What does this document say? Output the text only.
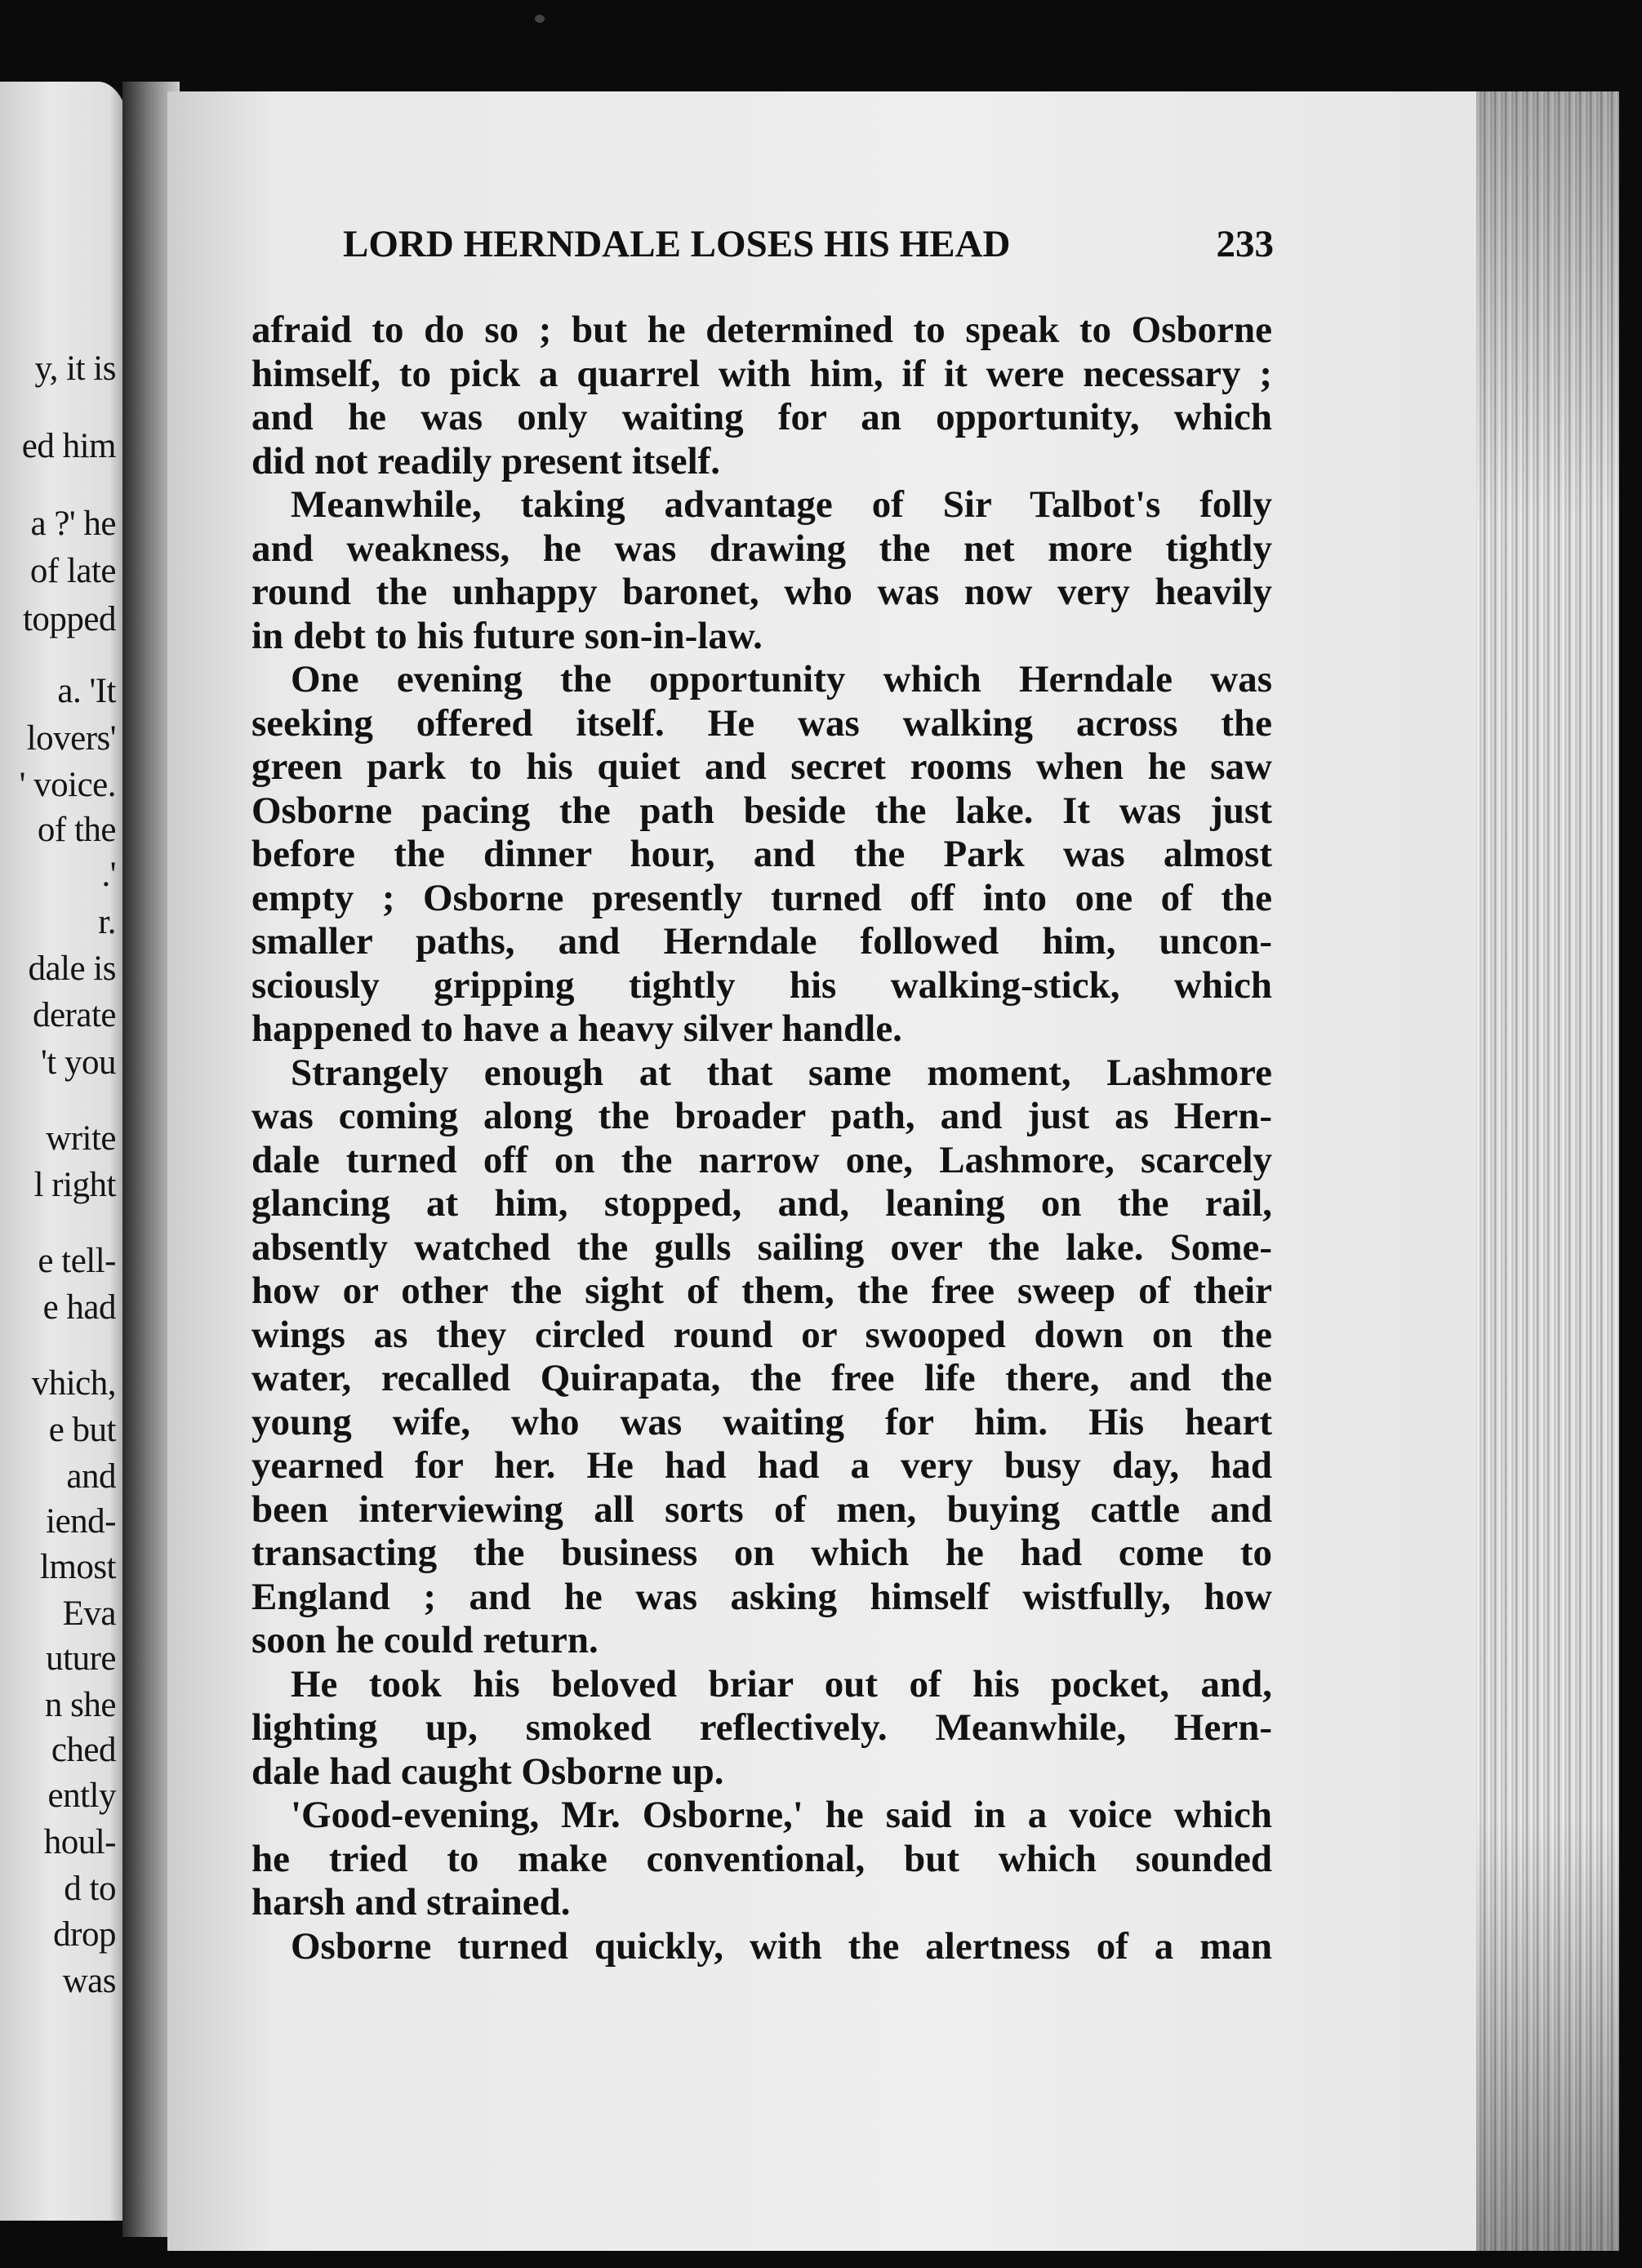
y, it is
ed him
a ?' he
of late
topped
a. 'It
lovers'
' voice.
of the
.'
r.
dale is
derate
't you
write
l right
e tell-
e had
vhich,
e but
and
iend-
lmost
Eva
uture
n she
ched
ently
houl-
d to
drop
was
LORD HERNDALE LOSES HIS HEAD	233
afraid to do so ; but he determined to speak to Osborne
himself, to pick a quarrel with him, if it were necessary ;
and he was only waiting for an opportunity, which
did not readily present itself.
Meanwhile, taking advantage of Sir Talbot's folly
and weakness, he was drawing the net more tightly
round the unhappy baronet, who was now very heavily
in debt to his future son-in-law.
One evening the opportunity which Herndale was
seeking offered itself. He was walking across the
green park to his quiet and secret rooms when he saw
Osborne pacing the path beside the lake. It was just
before the dinner hour, and the Park was almost
empty ; Osborne presently turned off into one of the
smaller paths, and Herndale followed him, uncon-
sciously gripping tightly his walking-stick, which
happened to have a heavy silver handle.
Strangely enough at that same moment, Lashmore
was coming along the broader path, and just as Hern-
dale turned off on the narrow one, Lashmore, scarcely
glancing at him, stopped, and, leaning on the rail,
absently watched the gulls sailing over the lake. Some-
how or other the sight of them, the free sweep of their
wings as they circled round or swooped down on the
water, recalled Quirapata, the free life there, and the
young wife, who was waiting for him. His heart
yearned for her. He had had a very busy day, had
been interviewing all sorts of men, buying cattle and
transacting the business on which he had come to
England ; and he was asking himself wistfully, how
soon he could return.
He took his beloved briar out of his pocket, and,
lighting up, smoked reflectively. Meanwhile, Hern-
dale had caught Osborne up.
'Good-evening, Mr. Osborne,' he said in a voice which
he tried to make conventional, but which sounded
harsh and strained.
Osborne turned quickly, with the alertness of a man
